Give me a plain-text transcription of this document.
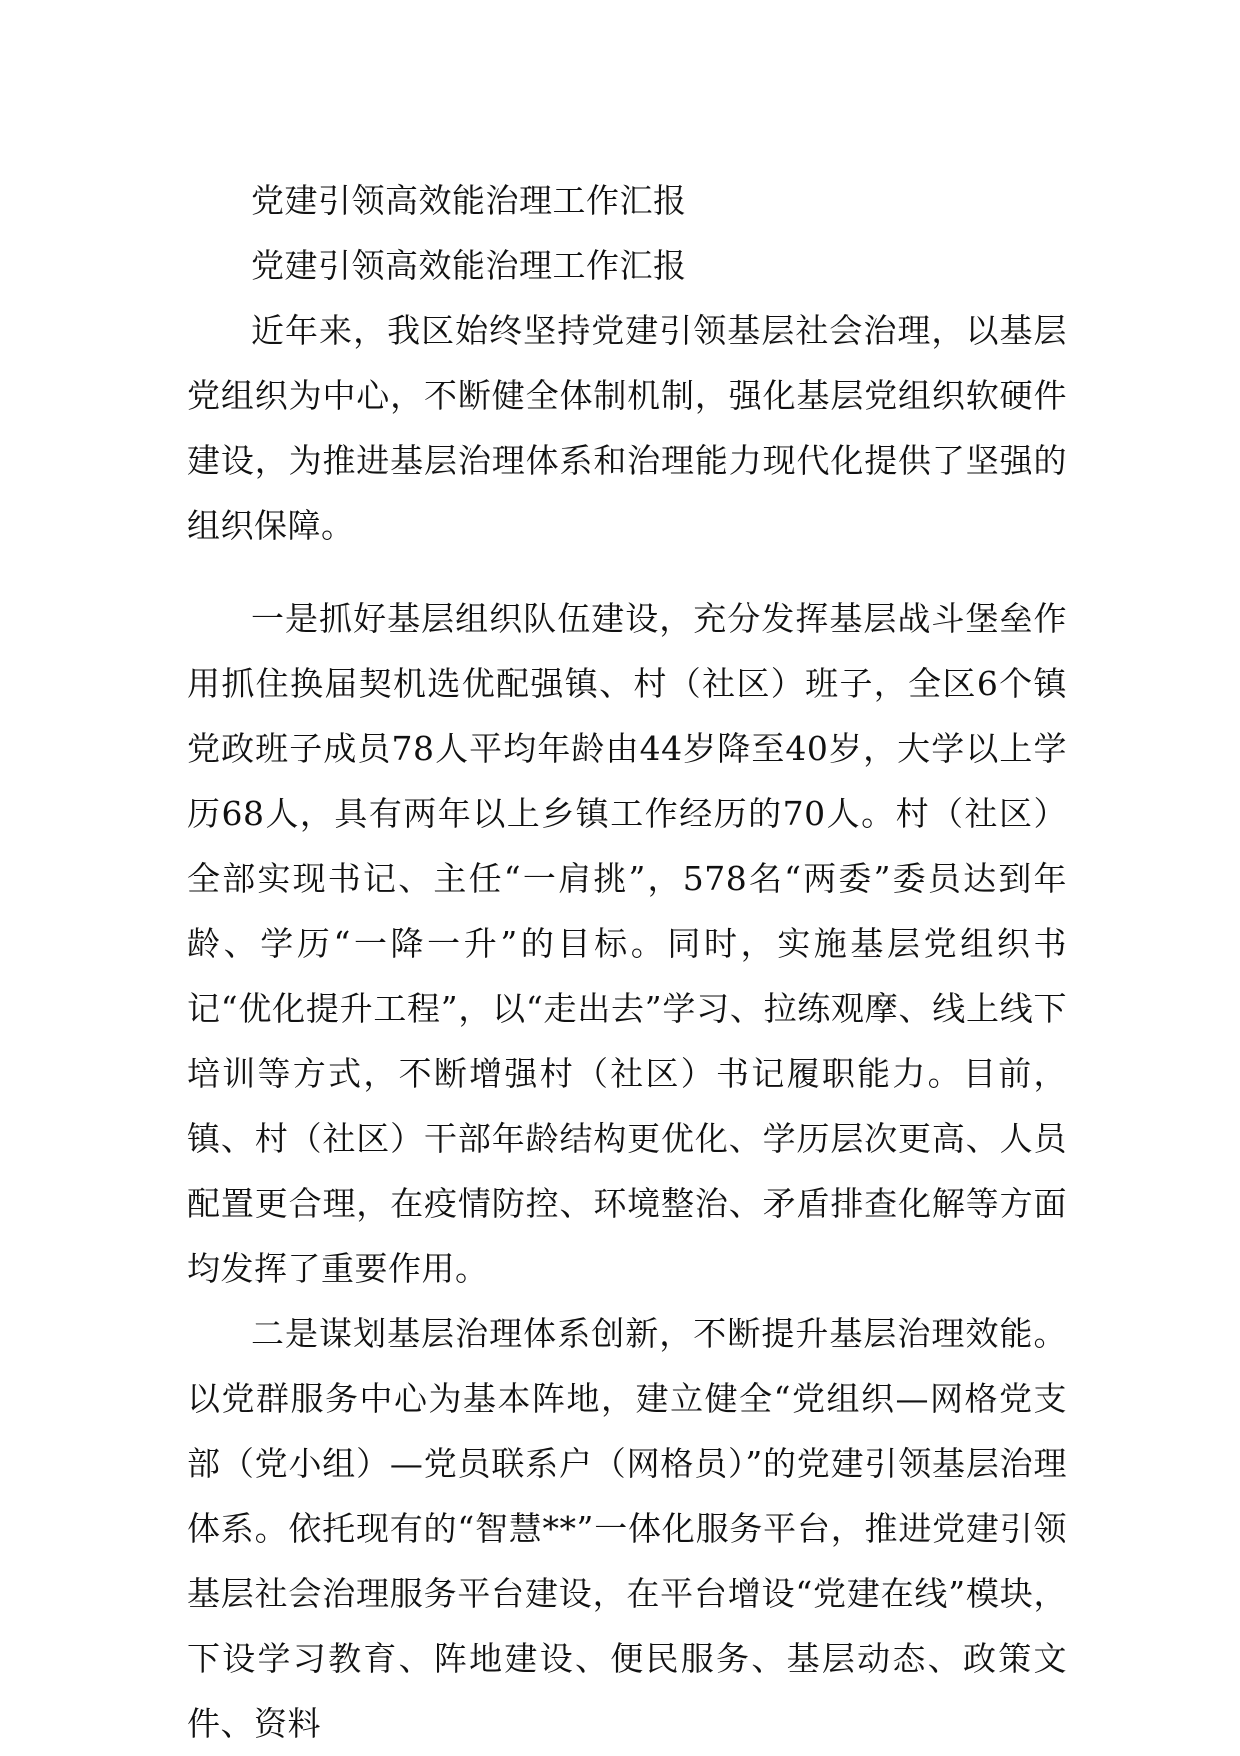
党建引领高效能治理工作汇报
党建引领高效能治理工作汇报

近年来，我区始终坚持党建引领基层社会治理，以基层党组织为中心，不断健全体制机制，强化基层党组织软硬件建设，为推进基层治理体系和治理能力现代化提供了坚强的组织保障。

一是抓好基层组织队伍建设，充分发挥基层战斗堡垒作用抓住换届契机选优配强镇、村（社区）班子，全区6个镇党政班子成员78人平均年龄由44岁降至40岁，大学以上学历68人，具有两年以上乡镇工作经历的70人。村（社区）全部实现书记、主任“一肩挑”，578名“两委”委员达到年龄、学历“一降一升”的目标。同时，实施基层党组织书记“优化提升工程”，以“走出去”学习、拉练观摩、线上线下培训等方式，不断增强村（社区）书记履职能力。目前，镇、村（社区）干部年龄结构更优化、学历层次更高、人员配置更合理，在疫情防控、环境整治、矛盾排查化解等方面均发挥了重要作用。

二是谋划基层治理体系创新，不断提升基层治理效能。以党群服务中心为基本阵地，建立健全“党组织—网格党支部（党小组）—党员联系户（网格员）”的党建引领基层治理体系。依托现有的“智慧**”一体化服务平台，推进党建引领基层社会治理服务平台建设，在平台增设“党建在线”模块，下设学习教育、阵地建设、便民服务、基层动态、政策文件、资料
